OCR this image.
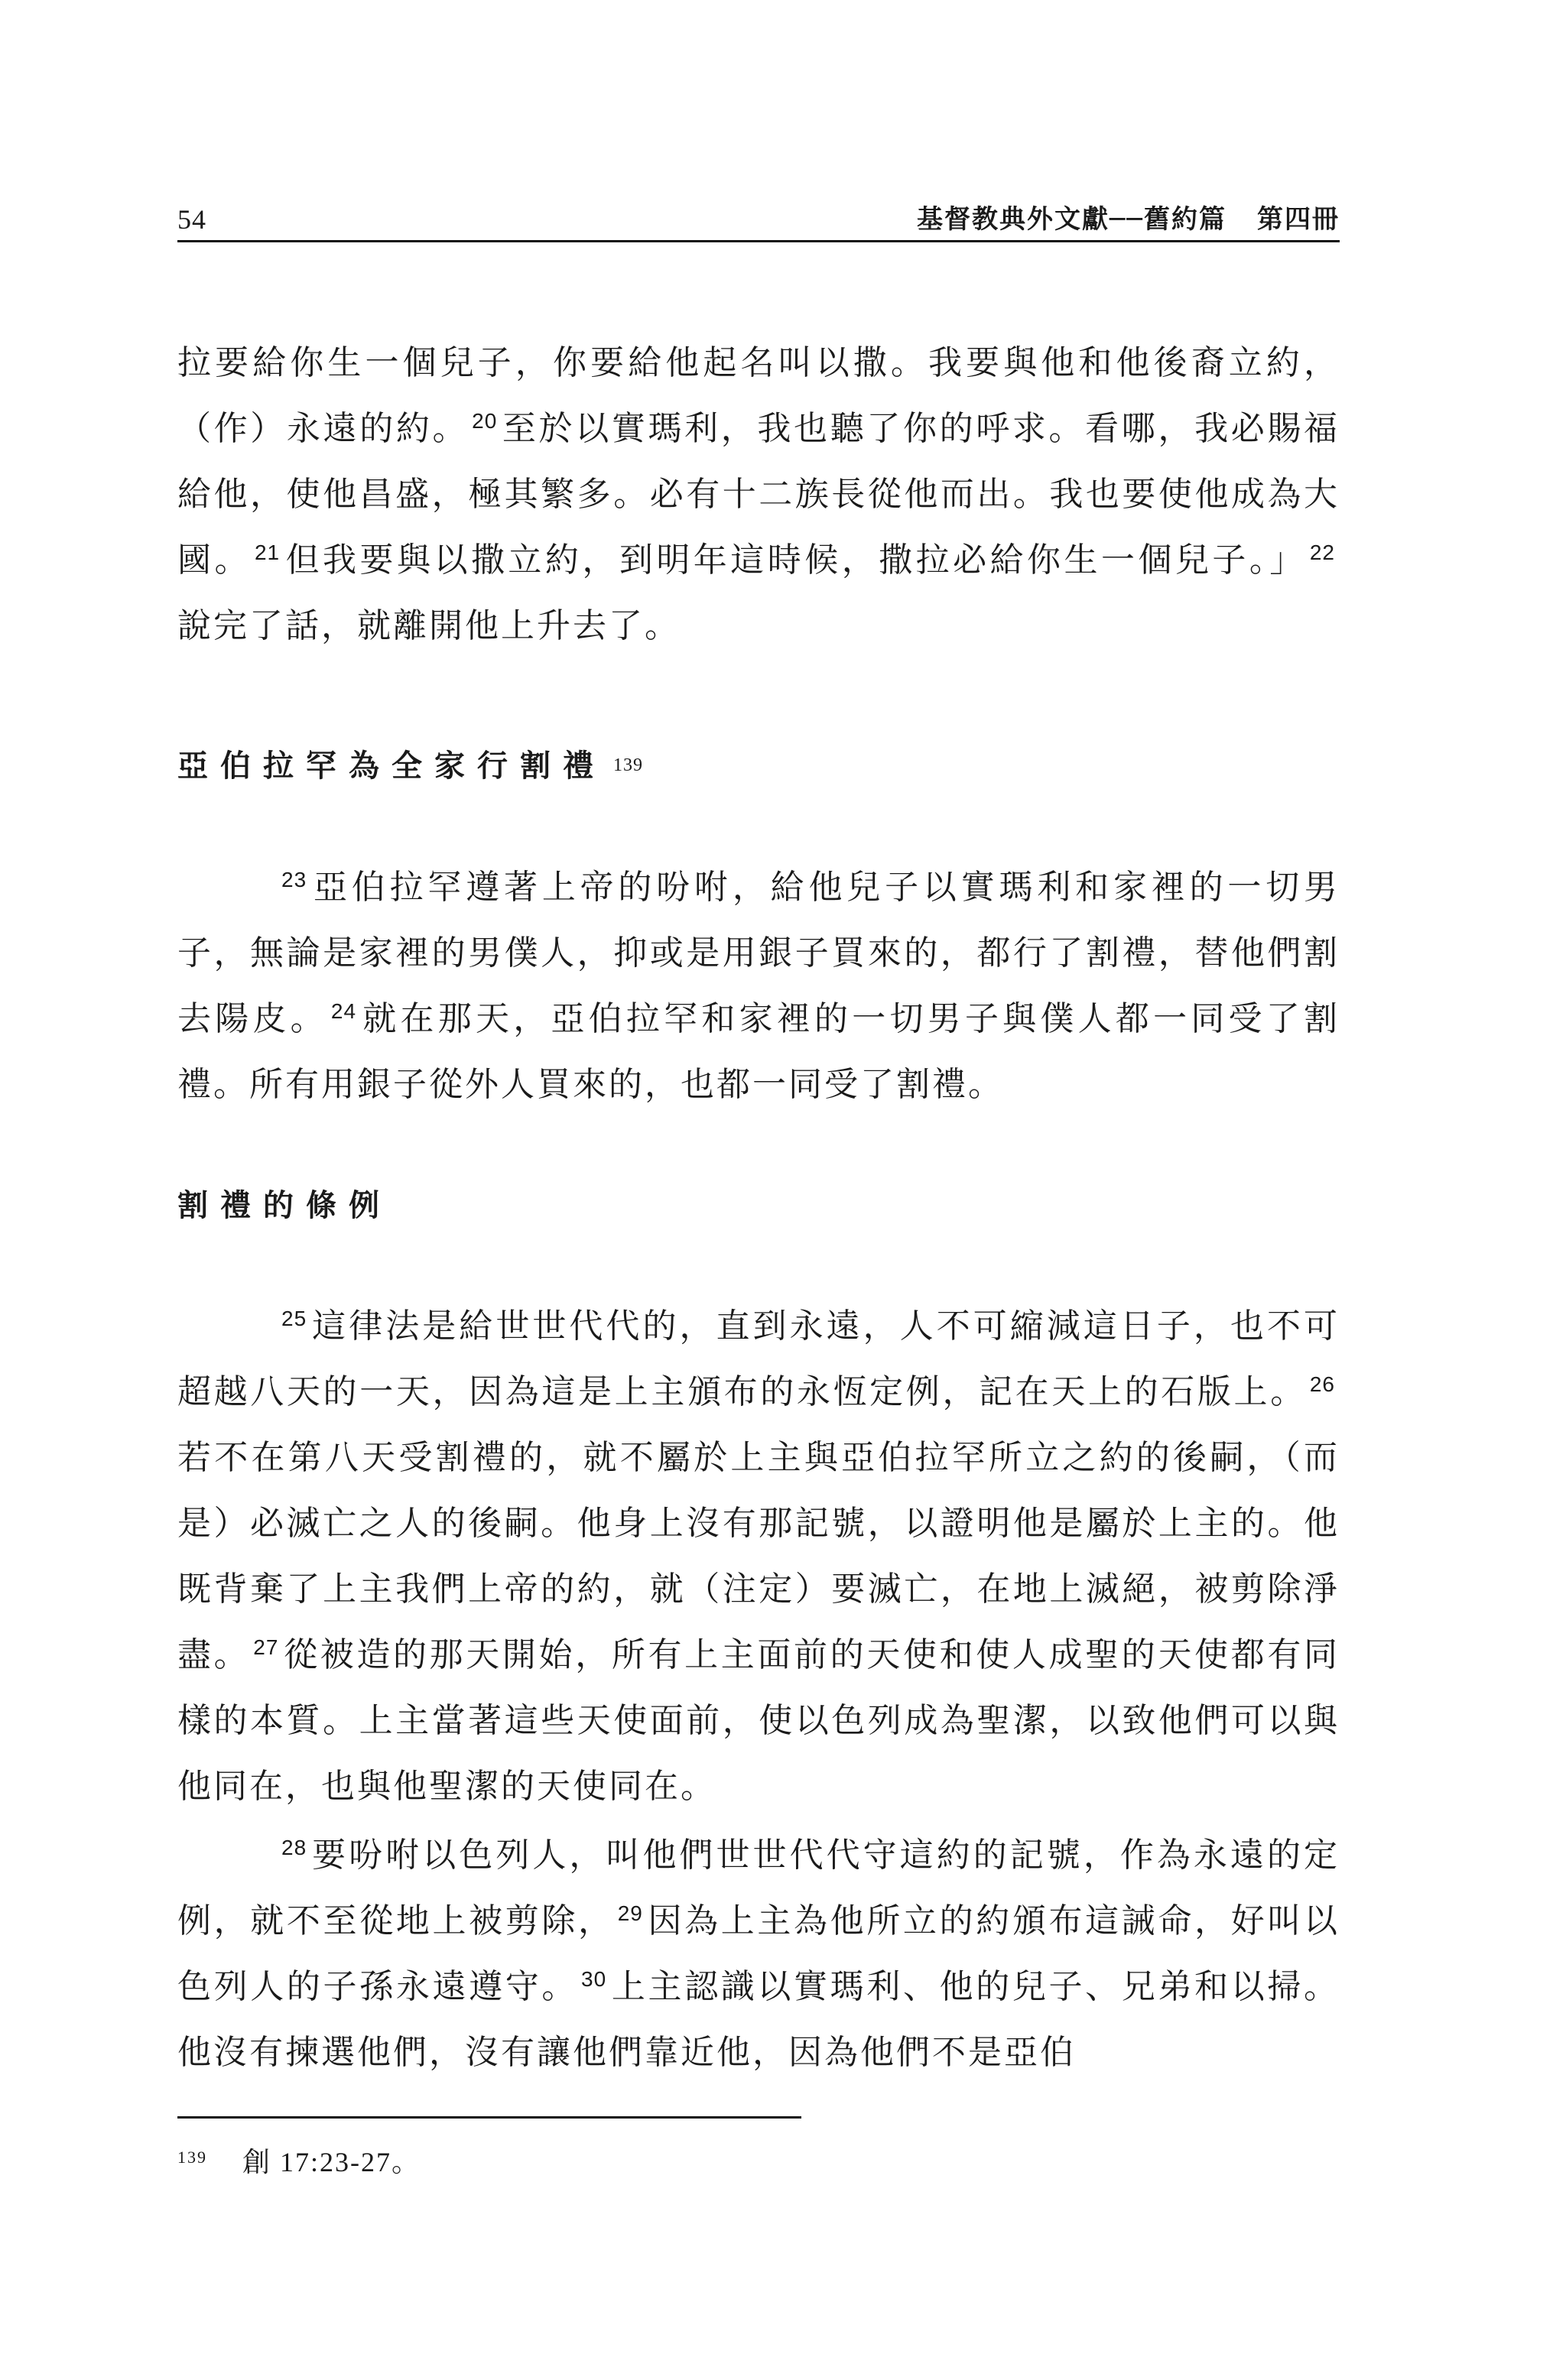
54	基督教典外文獻──舊約篇 第四冊
拉要給你生一個兒子，你要給他起名叫以撒。我要與他和他後裔立約，（作）永遠的約。 $^{20}$ 至於以實瑪利，我也聽了你的呼求。看哪，我必賜福給他，使他昌盛，極其繁多。必有十二族長從他而出。我也要使他成為大國。 $^{21}$ 但我要與以撒立約，到明年這時候，撒拉必給你生一個兒子。」 $^{22}$說完了話，就離開他上升去了。
亞伯拉罕為全家行割禮 $^{139}$
$^{23}$ 亞伯拉罕遵著上帝的吩咐，給他兒子以實瑪利和家裡的一切男子，無論是家裡的男僕人，抑或是用銀子買來的，都行了割禮，替他們割去陽皮。 $^{24}$ 就在那天，亞伯拉罕和家裡的一切男子與僕人都一同受了割禮。所有用銀子從外人買來的，也都一同受了割禮。
割禮的條例
$^{25}$ 這律法是給世世代代的，直到永遠，人不可縮減這日子，也不可超越八天的一天，因為這是上主頒布的永恆定例，記在天上的石版上。 $^{26}$若不在第八天受割禮的，就不屬於上主與亞伯拉罕所立之約的後嗣，（而是）必滅亡之人的後嗣。他身上沒有那記號，以證明他是屬於上主的。他既背棄了上主我們上帝的約，就（注定）要滅亡，在地上滅絕，被剪除淨盡。 $^{27}$ 從被造的那天開始，所有上主面前的天使和使人成聖的天使都有同樣的本質。上主當著這些天使面前，使以色列成為聖潔，以致他們可以與他同在，也與他聖潔的天使同在。
$^{28}$ 要吩咐以色列人，叫他們世世代代守這約的記號，作為永遠的定例，就不至從地上被剪除， $^{29}$ 因為上主為他所立的約頒布這誡命，好叫以色列人的子孫永遠遵守。 $^{30}$ 上主認識以實瑪利、他的兒子、兄弟和以掃。他沒有揀選他們，沒有讓他們靠近他，因為他們不是亞伯
$^{139}$ 創 17:23-27。
